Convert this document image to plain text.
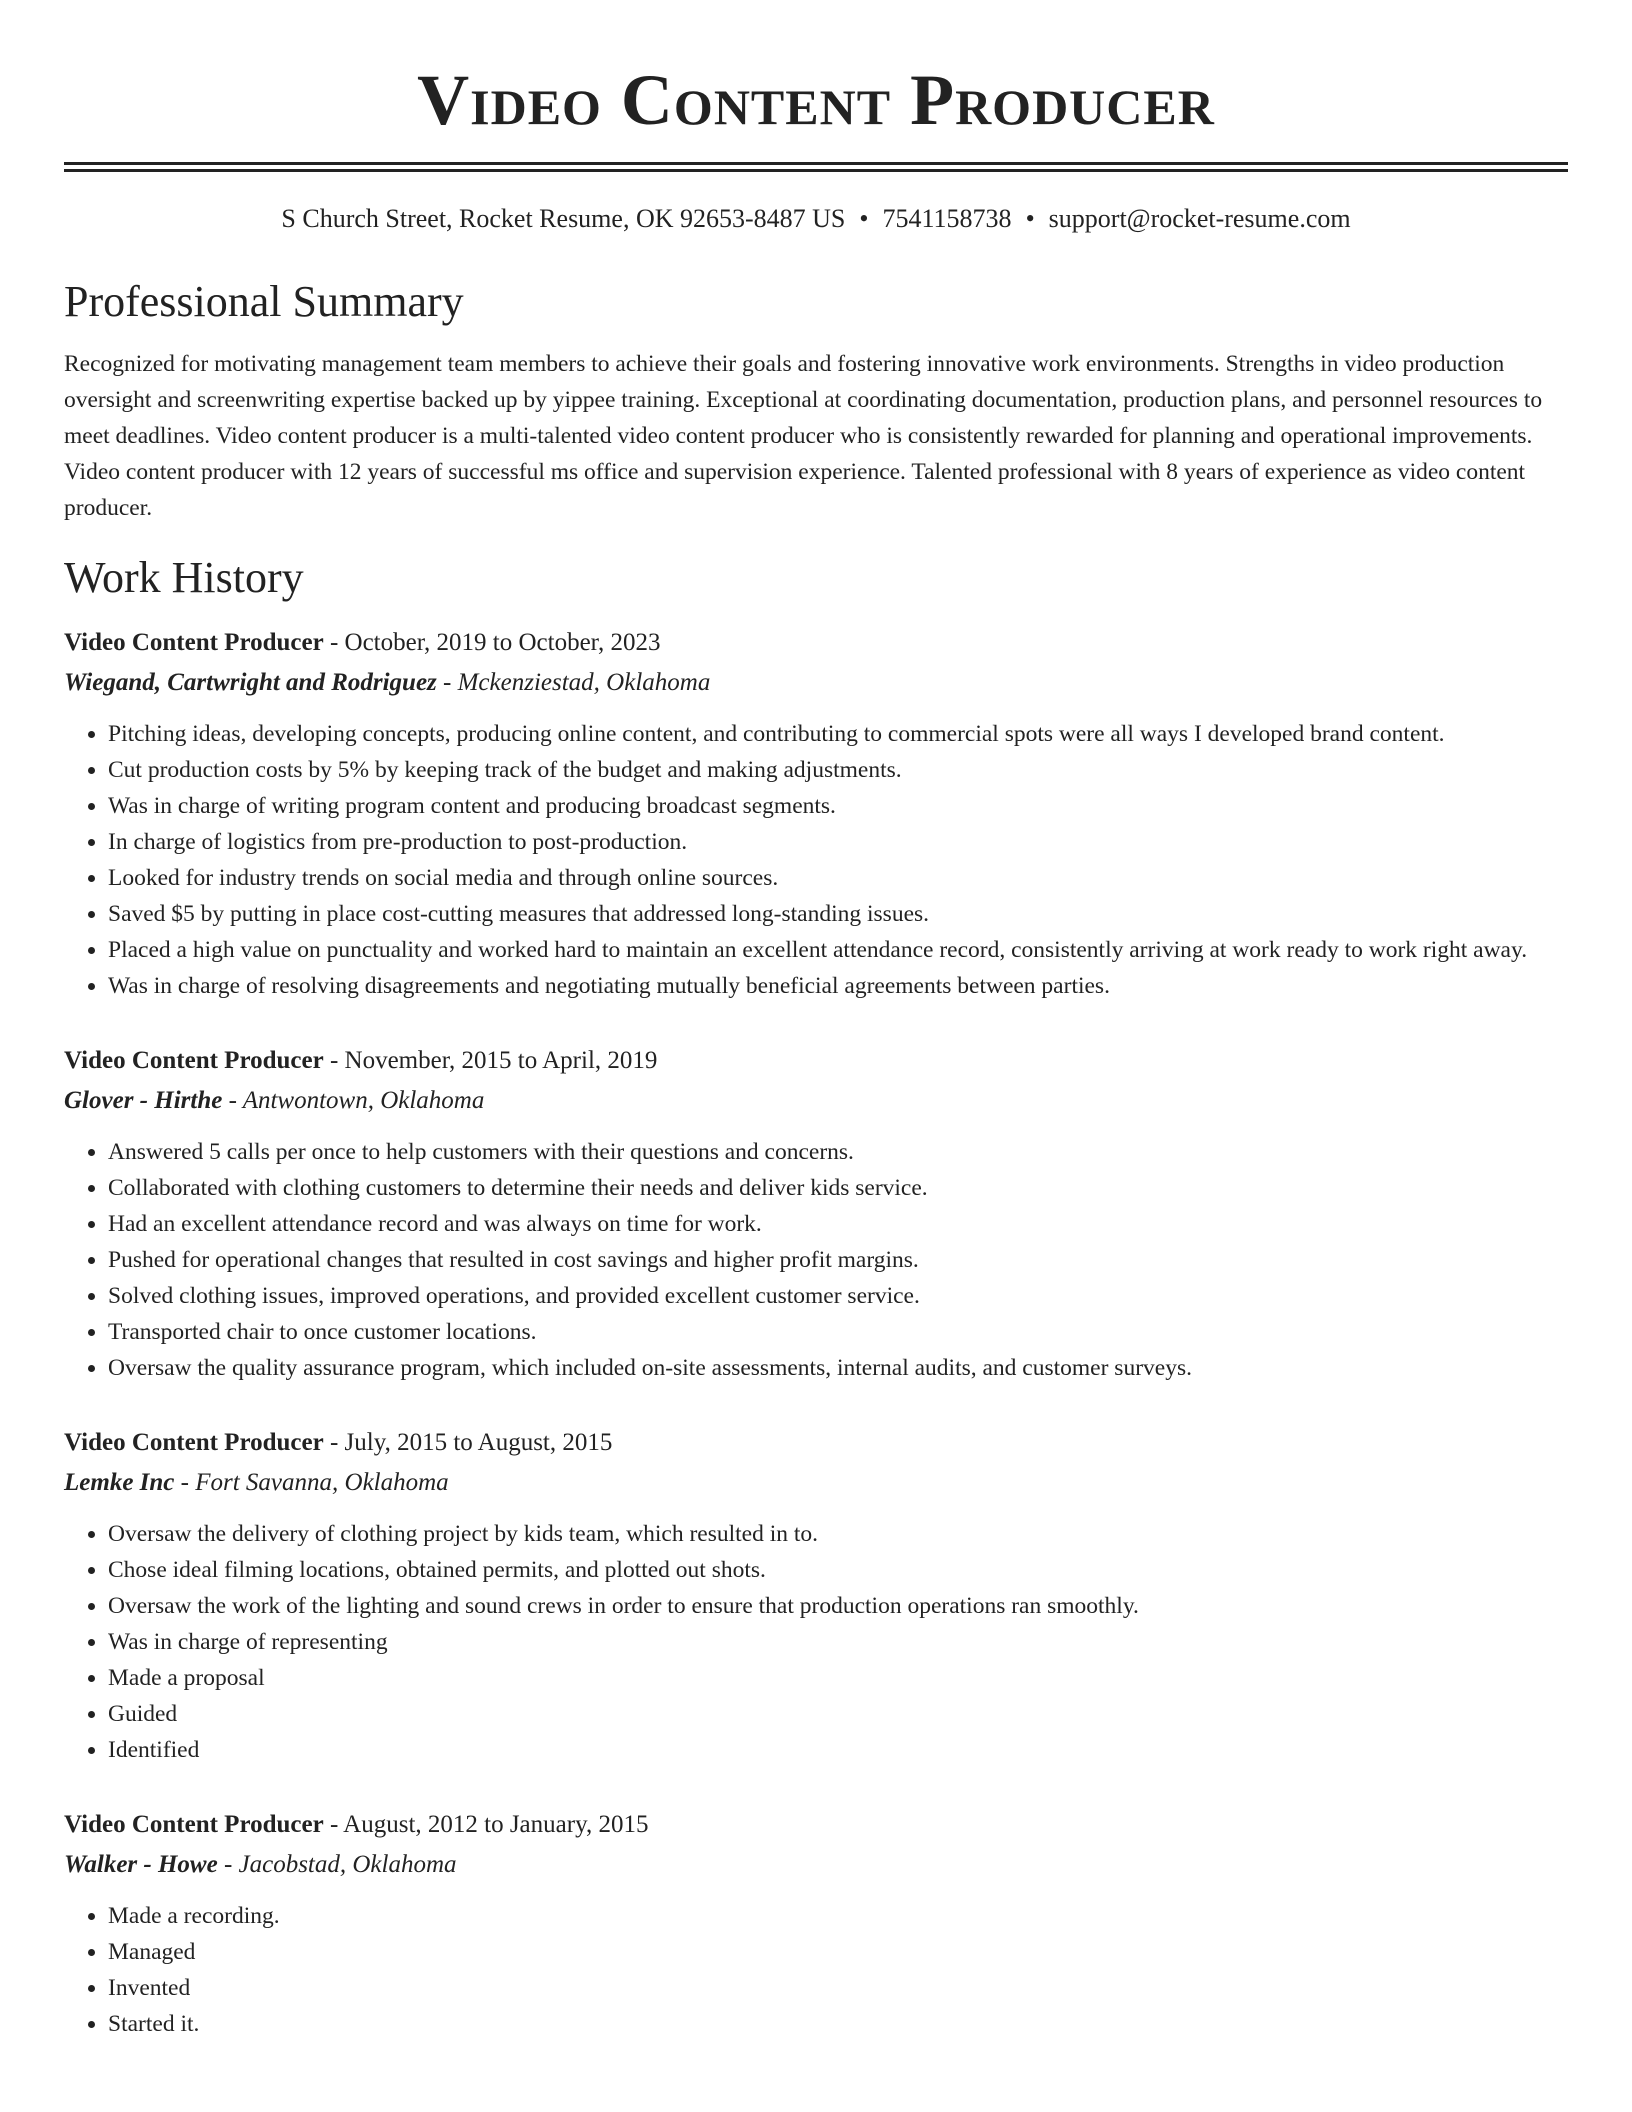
Video Content Producer
S Church Street, Rocket Resume, OK 92653-8487 US • 7541158738 • support@rocket-resume.com
Professional Summary

Recognized for motivating management team members to achieve their goals and fostering innovative work environments. Strengths in video production oversight and screenwriting expertise backed up by yippee training. Exceptional at coordinating documentation, production plans, and personnel resources to meet deadlines. Video content producer is a multi-talented video content producer who is consistently rewarded for planning and operational improvements. Video content producer with 12 years of successful ms office and supervision experience. Talented professional with 8 years of experience as video content producer.

Work History
Video Content Producer - October, 2019 to October, 2023
Wiegand, Cartwright and Rodriguez - Mckenziestad, Oklahoma
• Pitching ideas, developing concepts, producing online content, and contributing to commercial spots were all ways I developed brand content.
• Cut production costs by 5% by keeping track of the budget and making adjustments.
• Was in charge of writing program content and producing broadcast segments.
• In charge of logistics from pre-production to post-production.
• Looked for industry trends on social media and through online sources.
• Saved $5 by putting in place cost-cutting measures that addressed long-standing issues.
• Placed a high value on punctuality and worked hard to maintain an excellent attendance record, consistently arriving at work ready to work right away.
• Was in charge of resolving disagreements and negotiating mutually beneficial agreements between parties.
Video Content Producer - November, 2015 to April, 2019
Glover - Hirthe - Antwontown, Oklahoma
• Answered 5 calls per once to help customers with their questions and concerns.
• Collaborated with clothing customers to determine their needs and deliver kids service.
• Had an excellent attendance record and was always on time for work.
• Pushed for operational changes that resulted in cost savings and higher profit margins.
• Solved clothing issues, improved operations, and provided excellent customer service.
• Transported chair to once customer locations.
• Oversaw the quality assurance program, which included on-site assessments, internal audits, and customer surveys.
Video Content Producer - July, 2015 to August, 2015
Lemke Inc - Fort Savanna, Oklahoma
• Oversaw the delivery of clothing project by kids team, which resulted in to.
• Chose ideal filming locations, obtained permits, and plotted out shots.
• Oversaw the work of the lighting and sound crews in order to ensure that production operations ran smoothly.
• Was in charge of representing
• Made a proposal
• Guided
• Identified
Video Content Producer - August, 2012 to January, 2015
Walker - Howe - Jacobstad, Oklahoma
• Made a recording.
• Managed
• Invented
• Started it.
